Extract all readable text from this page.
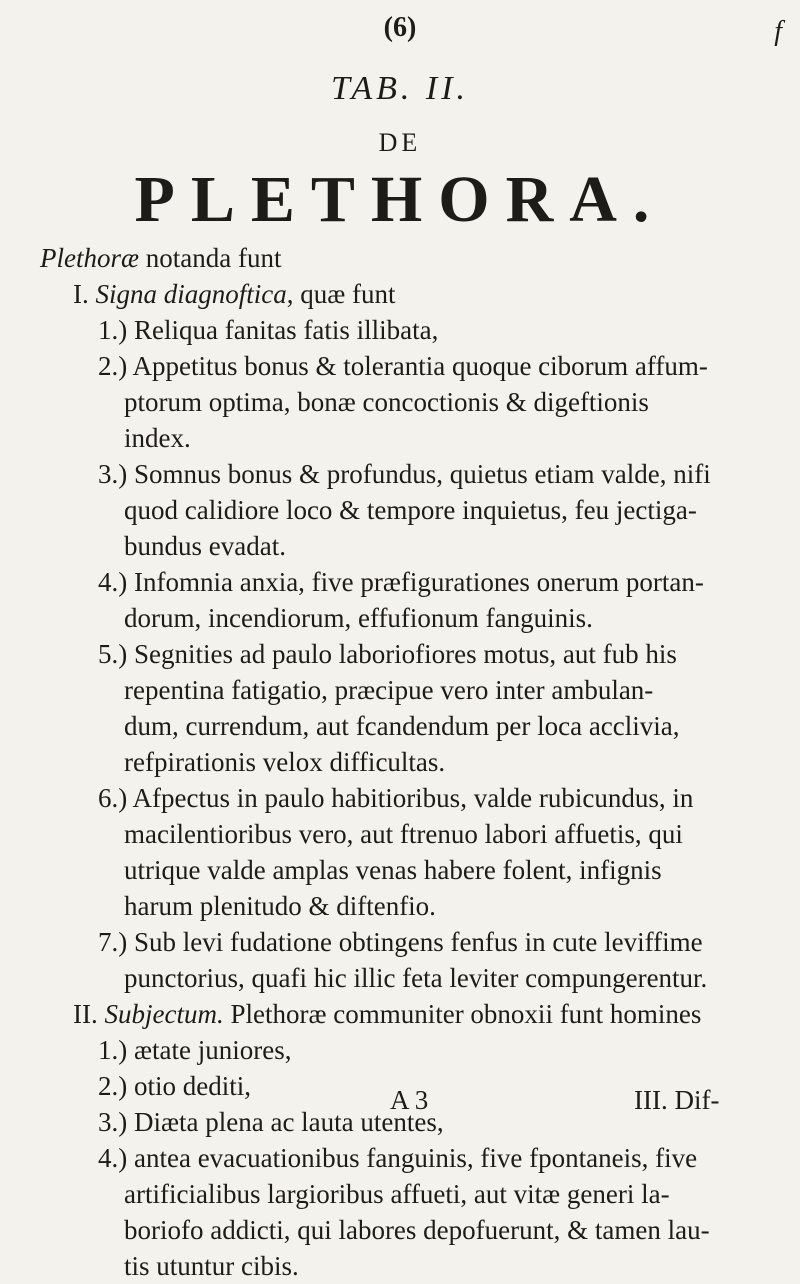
(6)	f
TAB. II.
DE
PLETHORA.
Plethoræ notanda funt
I. Signa diagnoftica, quæ funt
1.) Reliqua fanitas fatis illibata,
2.) Appetitus bonus & tolerantia quoque ciborum affum-
ptorum optima, bonæ concoctionis & digeftionis
index.
3.) Somnus bonus & profundus, quietus etiam valde, nifi
quod calidiore loco & tempore inquietus, feu jectiga-
bundus evadat.
4.) Infomnia anxia, five præfigurationes onerum portan-
dorum, incendiorum, effufionum fanguinis.
5.) Segnities ad paulo laboriofiores motus, aut fub his
repentina fatigatio, præcipue vero inter ambulan-
dum, currendum, aut fcandendum per loca acclivia,
refpirationis velox difficultas.
6.) Afpectus in paulo habitioribus, valde rubicundus, in
macilentioribus vero, aut ftrenuo labori affuetis, qui
utrique valde amplas venas habere folent, infignis
harum plenitudo & diftenfio.
7.) Sub levi fudatione obtingens fenfus in cute leviffime
punctorius, quafi hic illic feta leviter compungerentur.
II. Subjectum. Plethoræ communiter obnoxii funt homines
1.) ætate juniores,
2.) otio dediti,
3.) Diæta plena ac lauta utentes,
4.) antea evacuationibus fanguinis, five fpontaneis, five
artificialibus largioribus affueti, aut vitæ generi la-
boriofo addicti, qui labores depofuerunt, & tamen lau-
tis utuntur cibis.
A 3	III. Dif-
